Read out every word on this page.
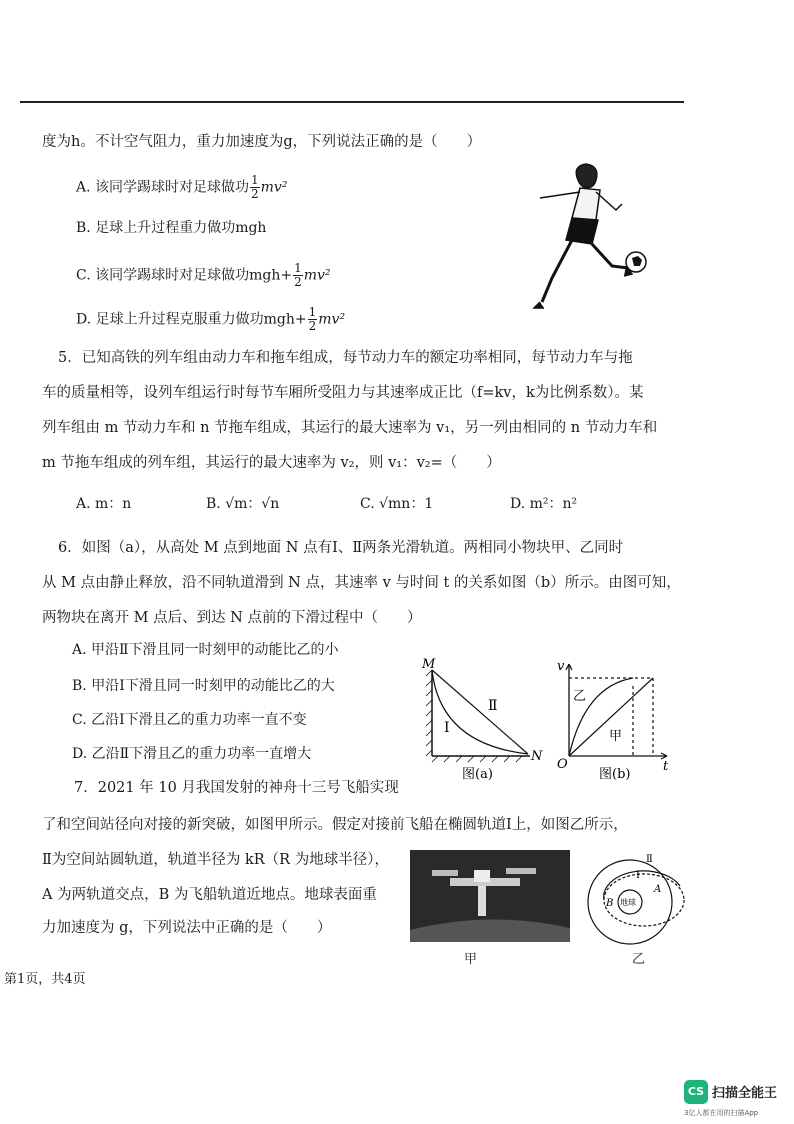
度为h。不计空气阻力，重力加速度为g，下列说法正确的是（　　）
A. 该同学踢球时对足球做功 $\frac{1}{2} mv^2$
B. 足球上升过程重力做功mgh
C. 该同学踢球时对足球做功$mgh+ \frac{1}{2} mv^2$
D. 足球上升过程克服重力做功$mgh+ \frac{1}{2} mv^2$
5．已知高铁的列车组由动力车和拖车组成，每节动力车的额定功率相同，每节动力车与拖
车的质量相等，设列车组运行时每节车厢所受阻力与其速率成正比（f=kv，k为比例系数）。某
列车组由 m 节动力车和 n 节拖车组成，其运行的最大速率为 v₁，另一列由相同的 n 节动力车和
m 节拖车组成的列车组，其运行的最大速率为 v₂，则 v₁：v₂=（　　）
A. m：n	B. √m：√n	C. √mn：1	D. m²：n²
6．如图（a），从高处 M 点到地面 N 点有Ⅰ、Ⅱ两条光滑轨道。两相同小物块甲、乙同时
从 M 点由静止释放，沿不同轨道滑到 N 点，其速率 v 与时间 t 的关系如图（b）所示。由图可知，
两物块在离开 M 点后、到达 N 点前的下滑过程中（　　）
A. 甲沿Ⅱ下滑且同一时刻甲的动能比乙的小
B. 甲沿Ⅰ下滑且同一时刻甲的动能比乙的大
C. 乙沿Ⅰ下滑且乙的重力功率一直不变
D. 乙沿Ⅱ下滑且乙的重力功率一直增大
M
N
Ⅰ
Ⅱ
图(a)
v
t
O
乙
甲
图(b)
7．2021 年 10 月我国发射的神舟十三号飞船实现
了和空间站径向对接的新突破，如图甲所示。假定对接前飞船在椭圆轨道Ⅰ上，如图乙所示，
Ⅱ为空间站圆轨道，轨道半径为 kR（R 为地球半径），
A 为两轨道交点，B 为飞船轨道近地点。地球表面重
力加速度为 g，下列说法中正确的是（　　）
甲
Ⅱ
Ⅰ
A
B 地球
乙
第1页，共4页
CS 扫描全能王
3亿人都在用的扫描App
